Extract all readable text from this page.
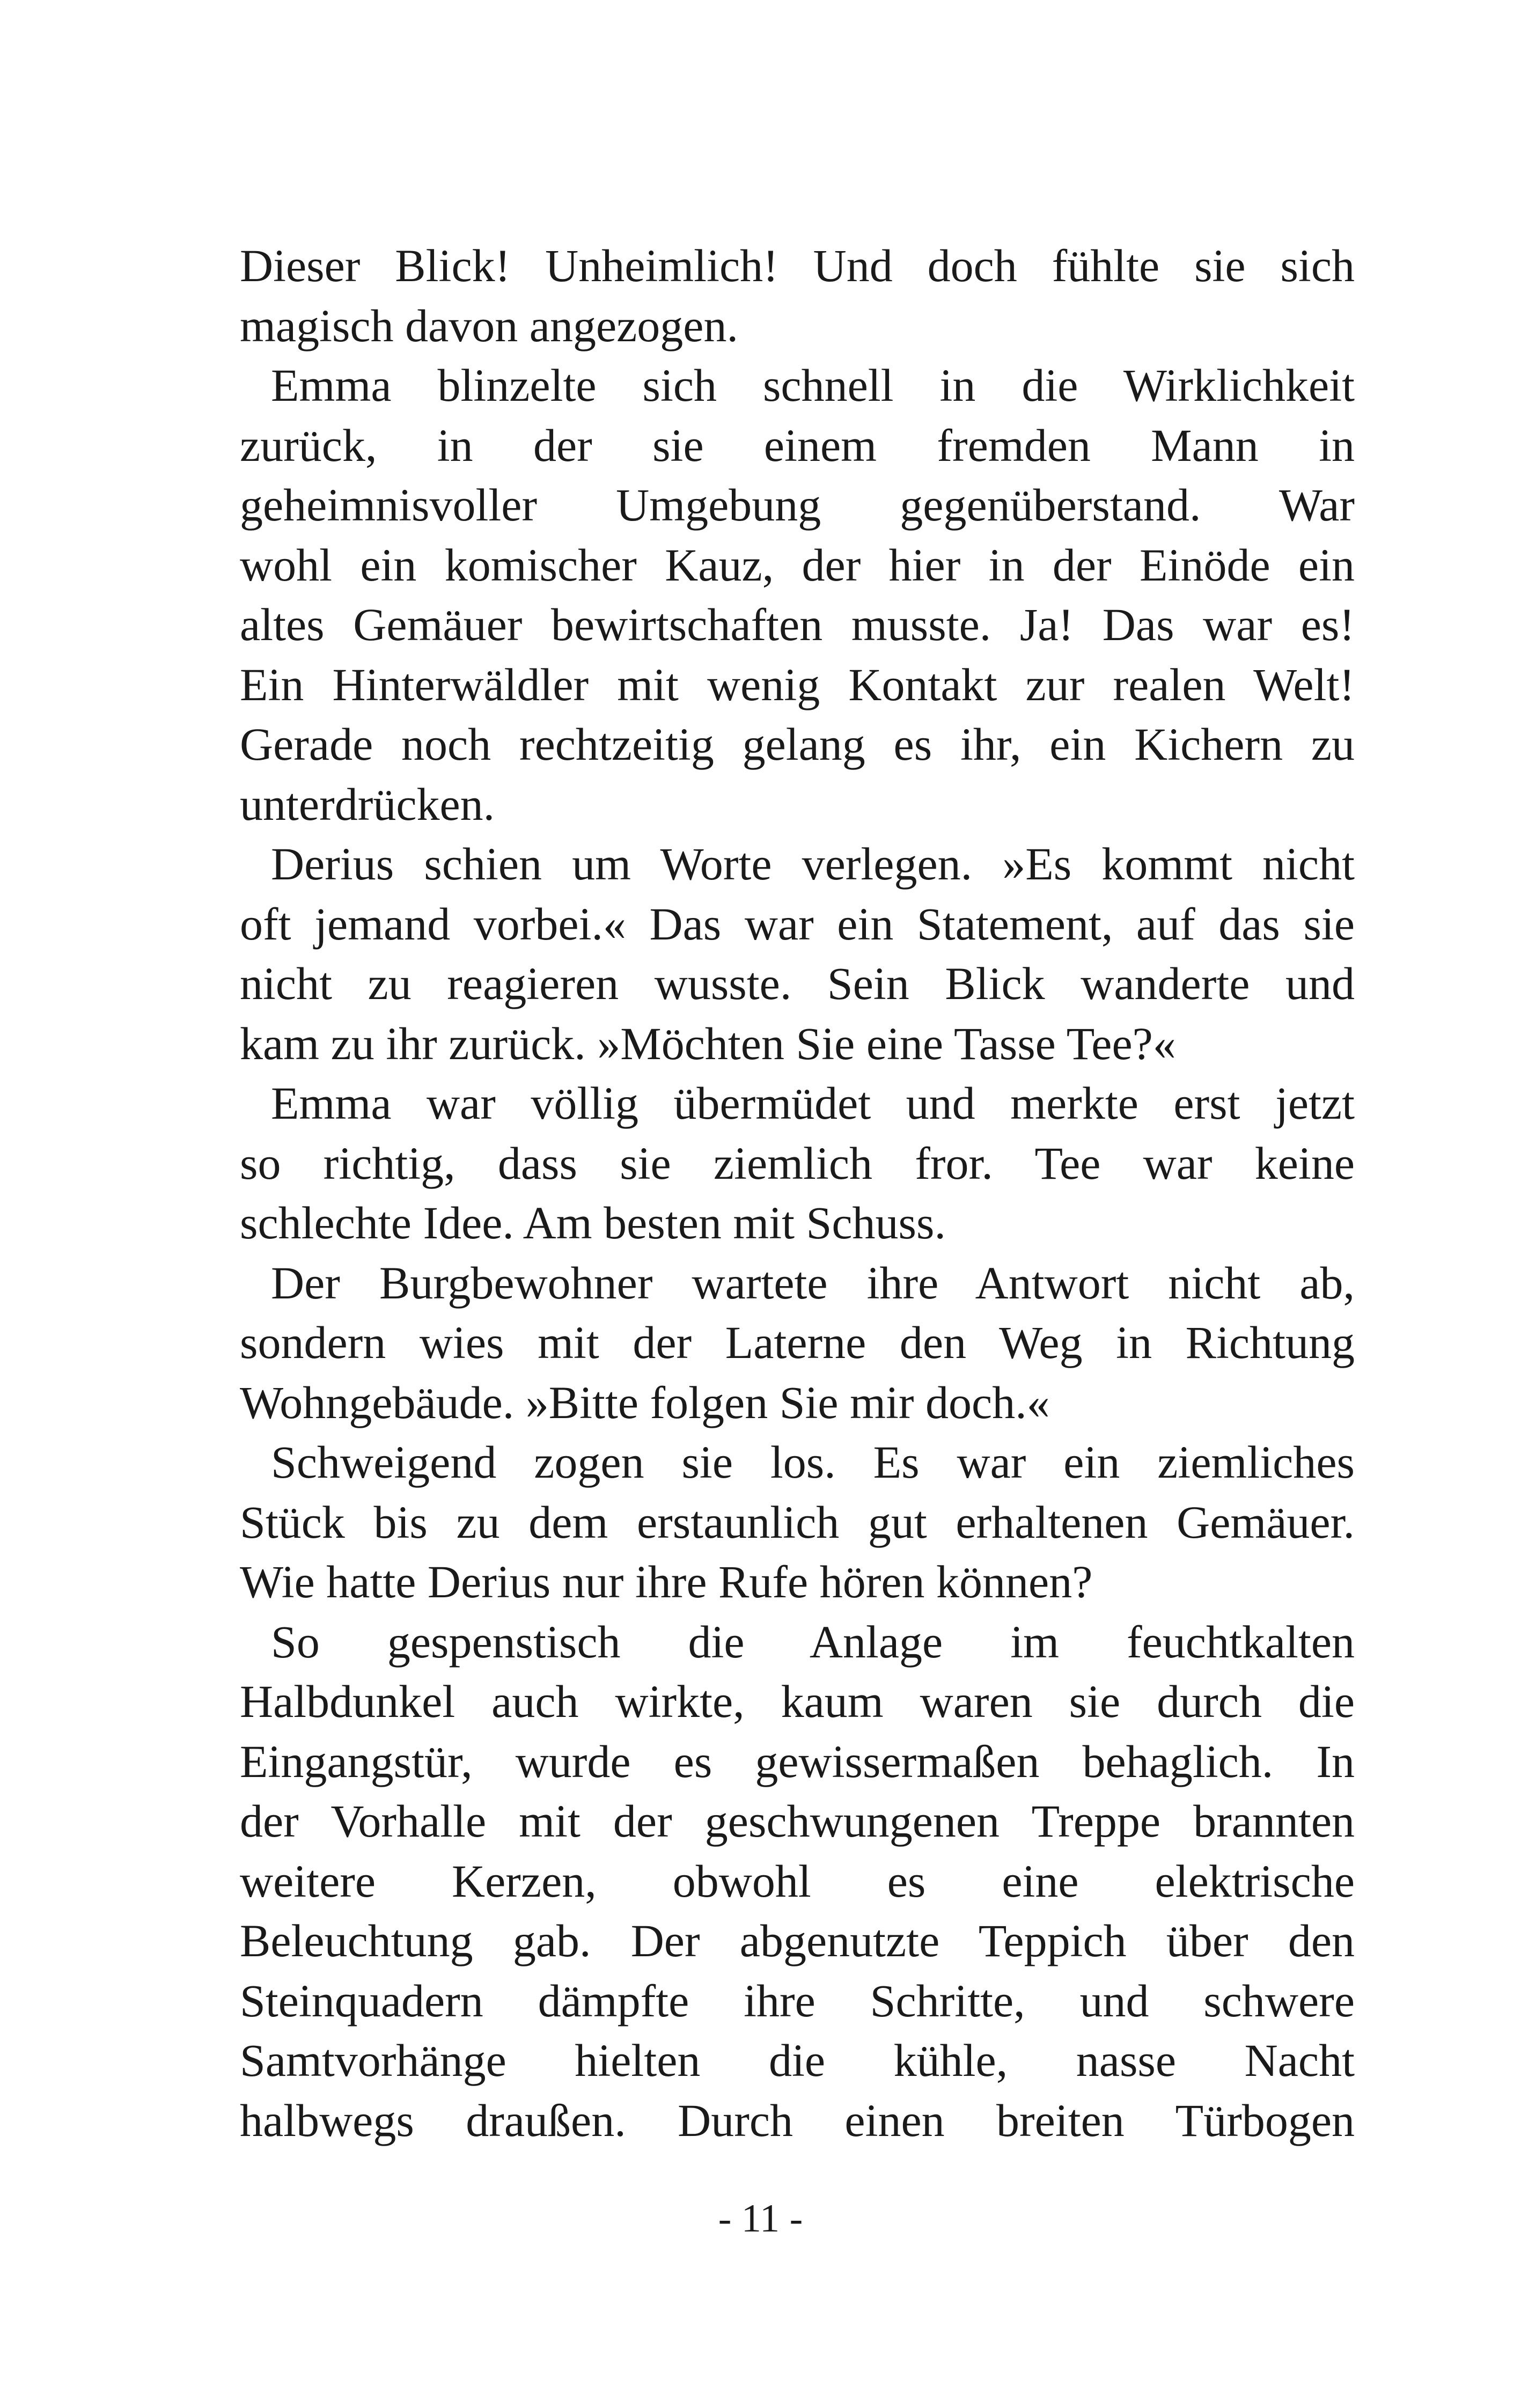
Dieser Blick! Unheimlich! Und doch fühlte sie sich
magisch davon angezogen.
Emma blinzelte sich schnell in die Wirklichkeit
zurück, in der sie einem fremden Mann in
geheimnisvoller Umgebung gegenüberstand. War
wohl ein komischer Kauz, der hier in der Einöde ein
altes Gemäuer bewirtschaften musste. Ja! Das war es!
Ein Hinterwäldler mit wenig Kontakt zur realen Welt!
Gerade noch rechtzeitig gelang es ihr, ein Kichern zu
unterdrücken.
Derius schien um Worte verlegen. »Es kommt nicht
oft jemand vorbei.« Das war ein Statement, auf das sie
nicht zu reagieren wusste. Sein Blick wanderte und
kam zu ihr zurück. »Möchten Sie eine Tasse Tee?«
Emma war völlig übermüdet und merkte erst jetzt
so richtig, dass sie ziemlich fror. Tee war keine
schlechte Idee. Am besten mit Schuss.
Der Burgbewohner wartete ihre Antwort nicht ab,
sondern wies mit der Laterne den Weg in Richtung
Wohngebäude. »Bitte folgen Sie mir doch.«
Schweigend zogen sie los. Es war ein ziemliches
Stück bis zu dem erstaunlich gut erhaltenen Gemäuer.
Wie hatte Derius nur ihre Rufe hören können?
So gespenstisch die Anlage im feuchtkalten
Halbdunkel auch wirkte, kaum waren sie durch die
Eingangstür, wurde es gewissermaßen behaglich. In
der Vorhalle mit der geschwungenen Treppe brannten
weitere Kerzen, obwohl es eine elektrische
Beleuchtung gab. Der abgenutzte Teppich über den
Steinquadern dämpfte ihre Schritte, und schwere
Samtvorhänge hielten die kühle, nasse Nacht
halbwegs draußen. Durch einen breiten Türbogen
- 11 -
